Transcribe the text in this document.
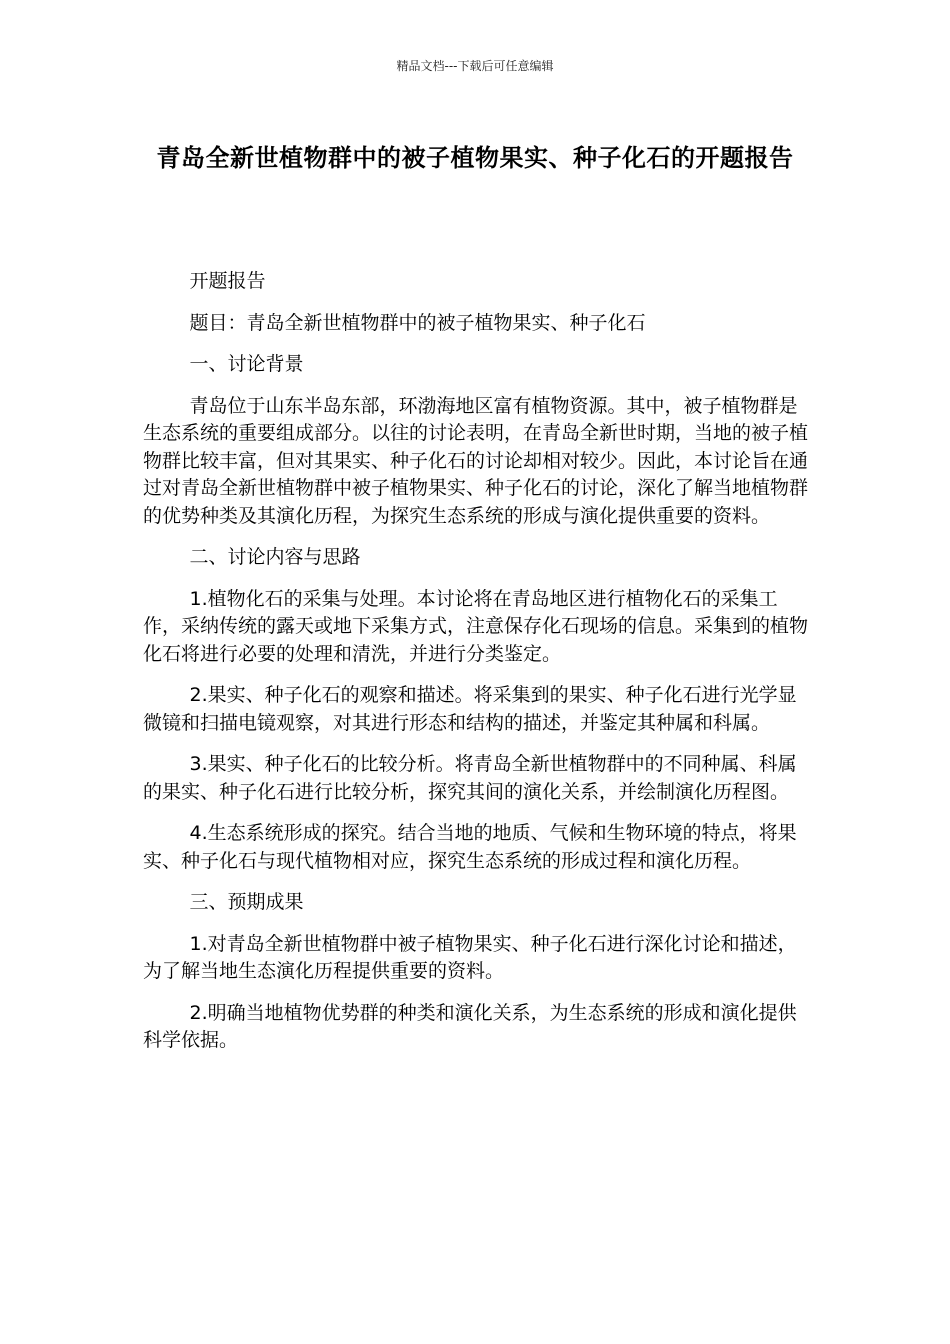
精品文档---下载后可任意编辑
青岛全新世植物群中的被子植物果实、种子化石的开题报告

开题报告

题目：青岛全新世植物群中的被子植物果实、种子化石

一、讨论背景

青岛位于山东半岛东部，环渤海地区富有植物资源。其中，被子植物群是生态系统的重要组成部分。以往的讨论表明，在青岛全新世时期，当地的被子植物群比较丰富，但对其果实、种子化石的讨论却相对较少。因此，本讨论旨在通过对青岛全新世植物群中被子植物果实、种子化石的讨论，深化了解当地植物群的优势种类及其演化历程，为探究生态系统的形成与演化提供重要的资料。

二、讨论内容与思路

1.植物化石的采集与处理。本讨论将在青岛地区进行植物化石的采集工作，采纳传统的露天或地下采集方式，注意保存化石现场的信息。采集到的植物化石将进行必要的处理和清洗，并进行分类鉴定。

2.果实、种子化石的观察和描述。将采集到的果实、种子化石进行光学显微镜和扫描电镜观察，对其进行形态和结构的描述，并鉴定其种属和科属。

3.果实、种子化石的比较分析。将青岛全新世植物群中的不同种属、科属的果实、种子化石进行比较分析，探究其间的演化关系，并绘制演化历程图。

4.生态系统形成的探究。结合当地的地质、气候和生物环境的特点，将果实、种子化石与现代植物相对应，探究生态系统的形成过程和演化历程。

三、预期成果

1.对青岛全新世植物群中被子植物果实、种子化石进行深化讨论和描述，为了解当地生态演化历程提供重要的资料。

2.明确当地植物优势群的种类和演化关系，为生态系统的形成和演化提供科学依据。
